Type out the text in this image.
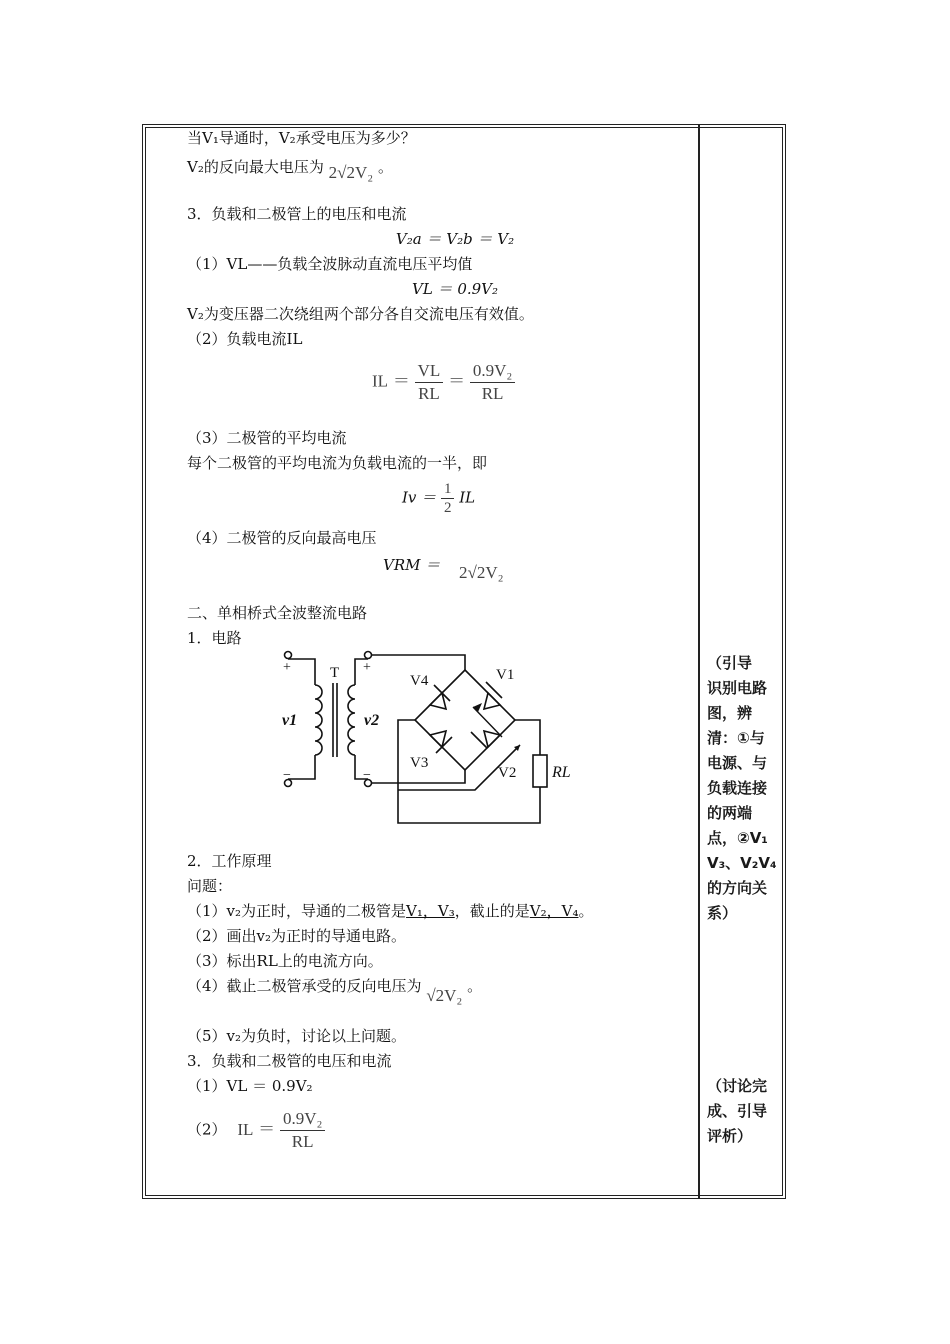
当V₁导通时，V₂承受电压为多少？
V₂的反向最大电压为 2√2V₂ 。
3．负载和二极管上的电压和电流
V₂a ＝ V₂b ＝ V₂
（1）VL——负载全波脉动直流电压平均值
VL ＝ 0.9V₂
V₂为变压器二次绕组两个部分各自交流电压有效值。
（2）负载电流IL
IL ＝ $\frac{VL}{RL} = \frac{\text{0.9V₂}}{RL}$
（3）二极管的平均电流
每个二极管的平均电流为负载电流的一半，即
$Iv = \frac{1}{2}$ IL
（4）二极管的反向最高电压
VRM ＝ 2√2V₂
二、单相桥式全波整流电路
1．电路
+
−
+
−
T
v1	v2
V4	V1
V3
V2 RL
2．工作原理
问题：
（1）v₂为正时，导通的二极管是V₁，V₃，截止的是V₂，V₄。
（2）画出v₂为正时的导通电路。
（3）标出RL上的电流方向。
（4）截止二极管承受的反向电压为 √2V₂ 。
（5）v₂为负时，讨论以上问题。
3．负载和二极管的电压和电流
（1）VL ＝ 0.9V₂
（2） IL ＝ $\frac{\text{0.9V₂}}{RL}$
（引导
识别电路
图，辨
清：①与
电源、与
负载连接
的两端
点，②V₁
V₃、V₂V₄
的方向关
系）
（讨论完
成、引导
评析）
